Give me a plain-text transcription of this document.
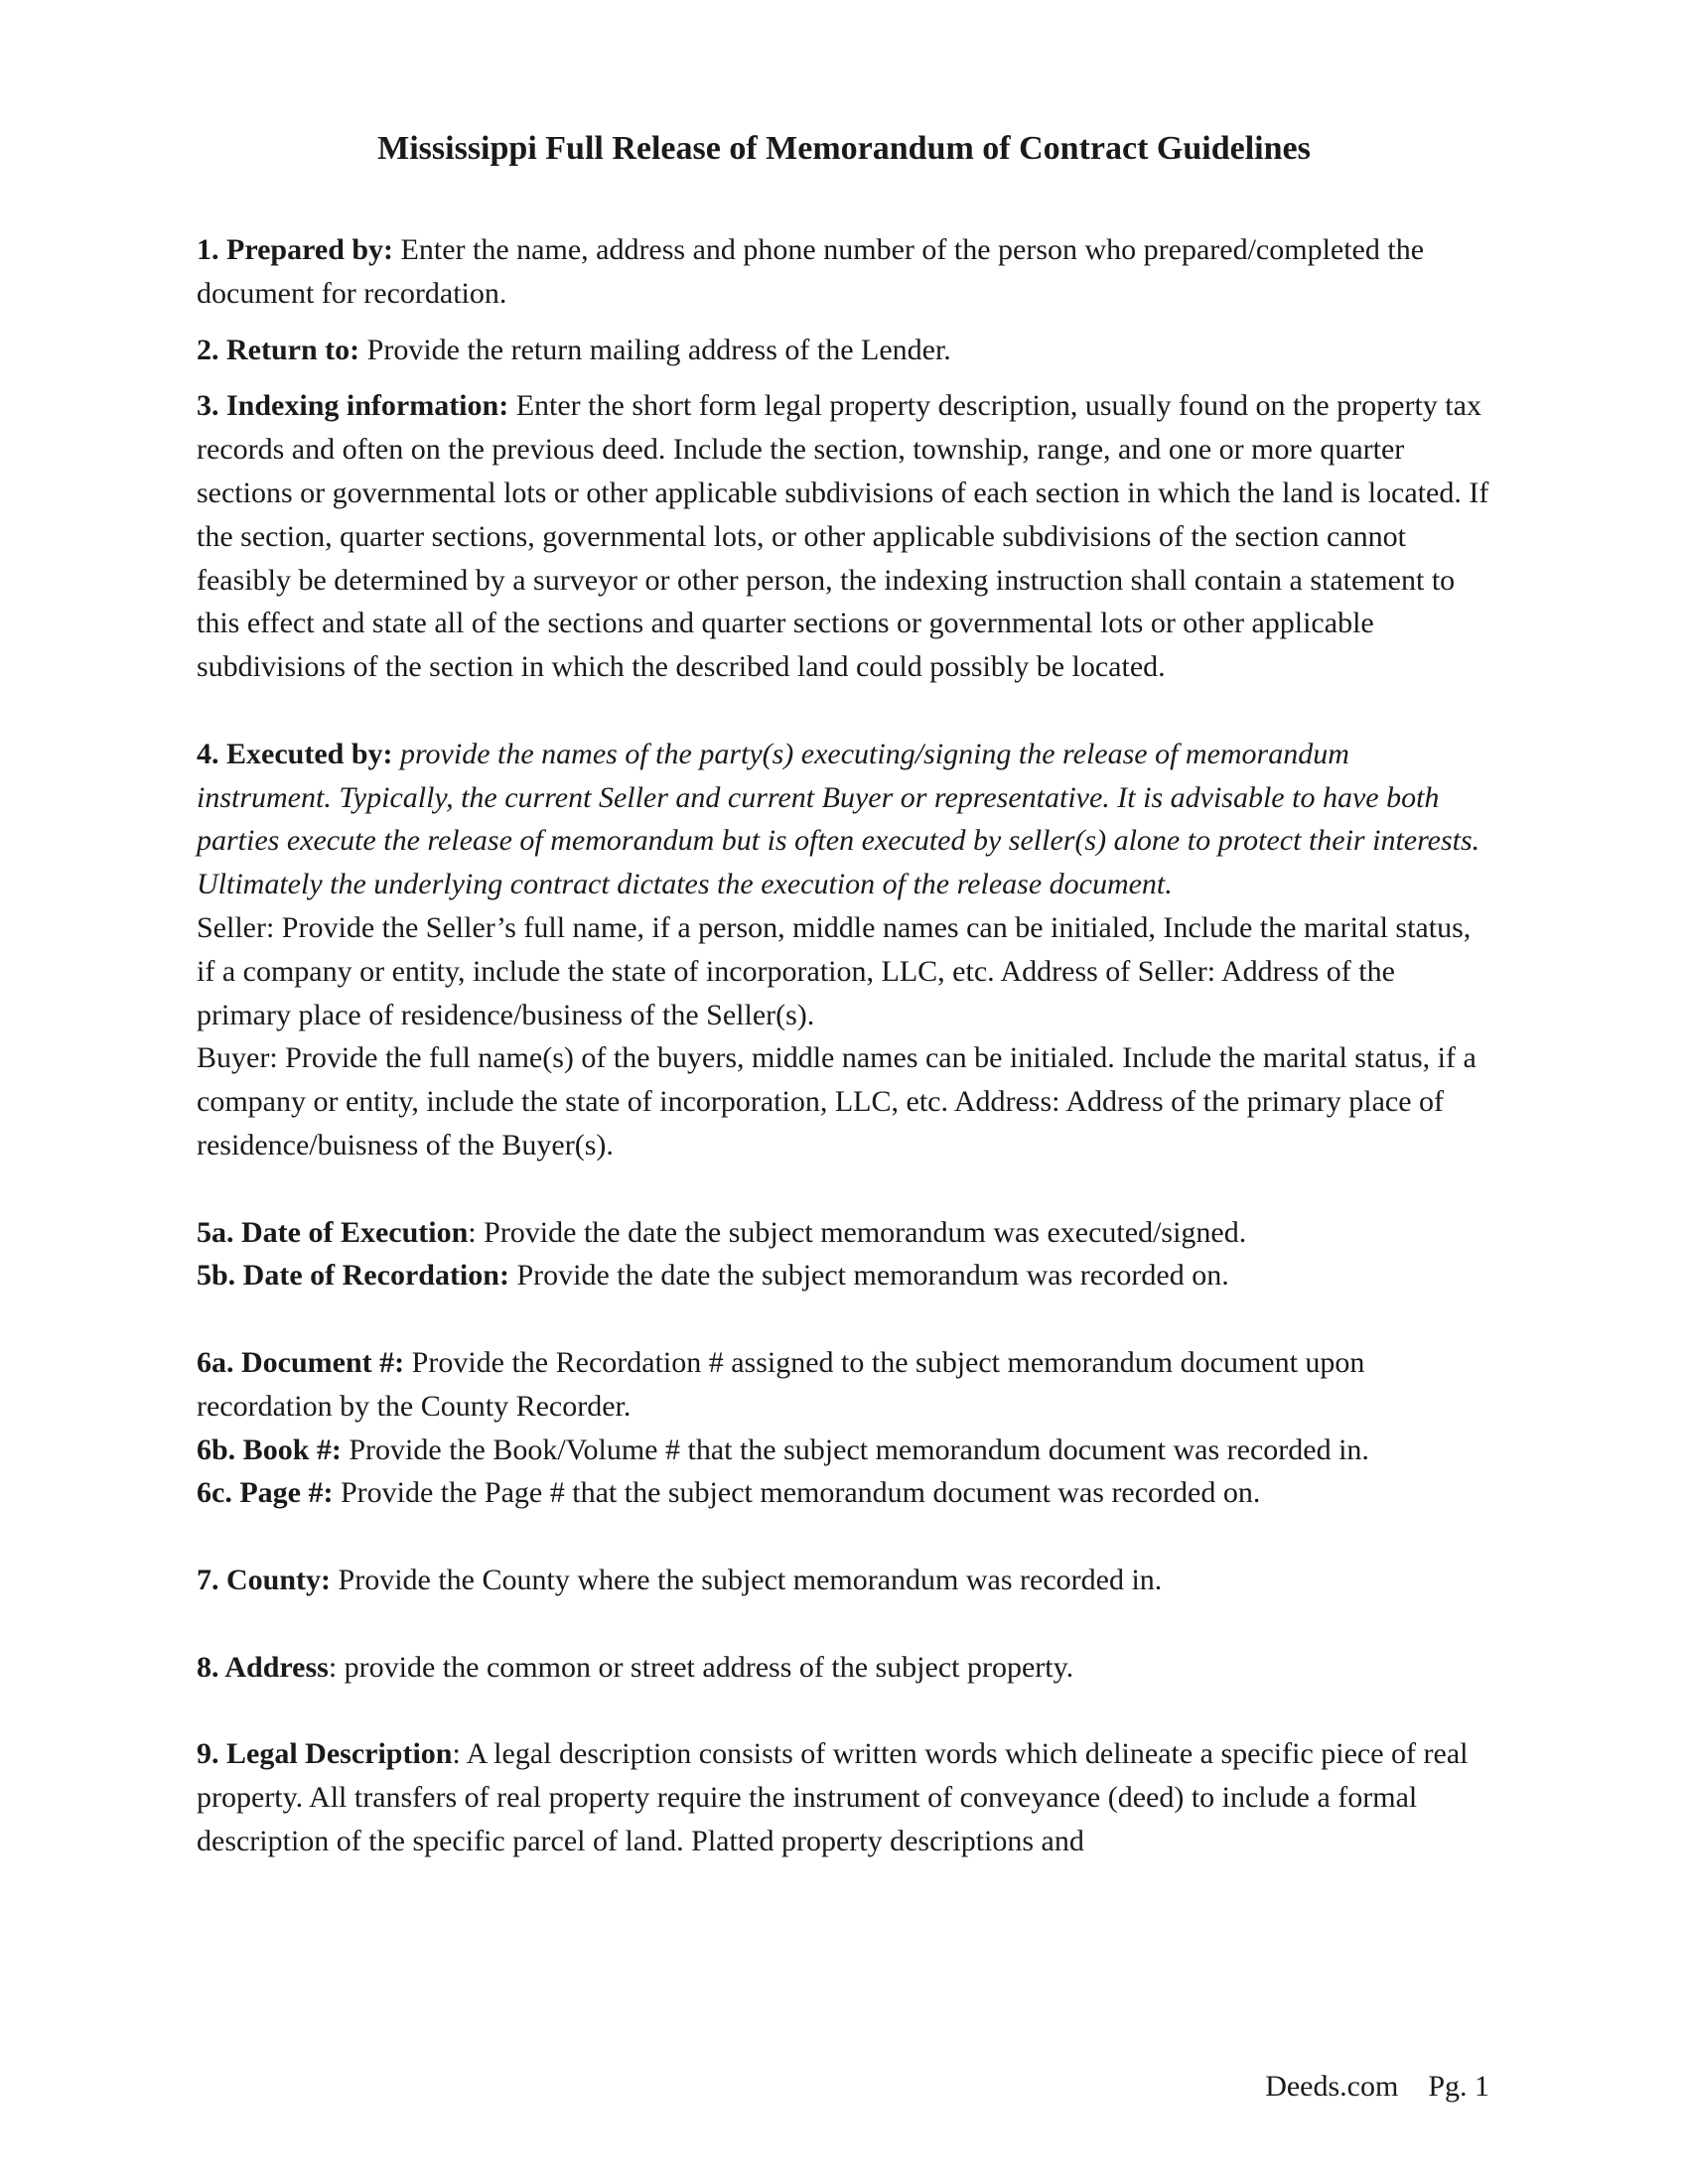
Mississippi Full Release of Memorandum of Contract Guidelines

1. Prepared by: Enter the name, address and phone number of the person who prepared/completed the document for recordation.

2. Return to: Provide the return mailing address of the Lender.

3. Indexing information: Enter the short form legal property description, usually found on the property tax records and often on the previous deed. Include the section, township, range, and one or more quarter sections or governmental lots or other applicable subdivisions of each section in which the land is located. If the section, quarter sections, governmental lots, or other applicable subdivisions of the section cannot feasibly be determined by a surveyor or other person, the indexing instruction shall contain a statement to this effect and state all of the sections and quarter sections or governmental lots or other applicable subdivisions of the section in which the described land could possibly be located.

4. Executed by: provide the names of the party(s) executing/signing the release of memorandum instrument. Typically, the current Seller and current Buyer or representative. It is advisable to have both parties execute the release of memorandum but is often executed by seller(s) alone to protect their interests. Ultimately the underlying contract dictates the execution of the release document.

Seller: Provide the Seller’s full name, if a person, middle names can be initialed, Include the marital status, if a company or entity, include the state of incorporation, LLC, etc. Address of Seller: Address of the primary place of residence/business of the Seller(s).

Buyer: Provide the full name(s) of the buyers, middle names can be initialed. Include the marital status, if a company or entity, include the state of incorporation, LLC, etc. Address: Address of the primary place of residence/buisness of the Buyer(s).

5a. Date of Execution: Provide the date the subject memorandum was executed/signed.

5b. Date of Recordation: Provide the date the subject memorandum was recorded on.

6a. Document #: Provide the Recordation # assigned to the subject memorandum document upon recordation by the County Recorder.

6b. Book #: Provide the Book/Volume # that the subject memorandum document was recorded in.

6c. Page #: Provide the Page # that the subject memorandum document was recorded on.

7. County: Provide the County where the subject memorandum was recorded in.

8. Address: provide the common or street address of the subject property.

9. Legal Description: A legal description consists of written words which delineate a specific piece of real property. All transfers of real property require the instrument of conveyance (deed) to include a formal description of the specific parcel of land. Platted property descriptions and

Deeds.com Pg. 1
